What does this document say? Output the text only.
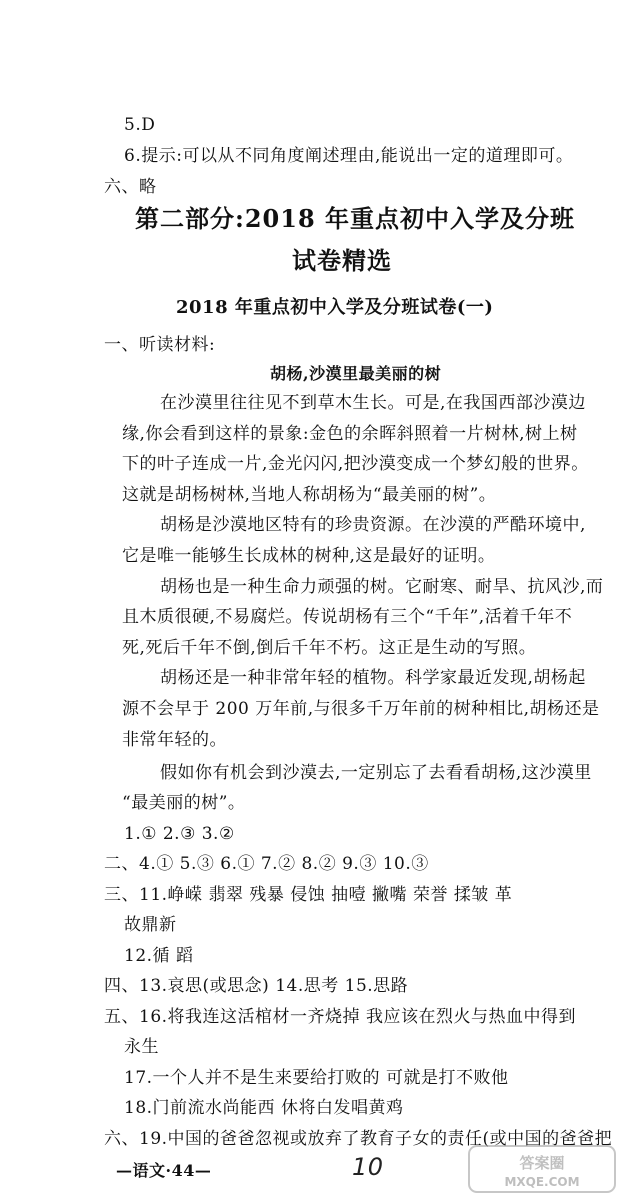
5.D
6.提示:可以从不同角度阐述理由,能说出一定的道理即可。
六、略
第二部分:2018 年重点初中入学及分班
试卷精选
2018 年重点初中入学及分班试卷(一)
一、听读材料:
胡杨,沙漠里最美丽的树
在沙漠里往往见不到草木生长。可是,在我国西部沙漠边
缘,你会看到这样的景象:金色的余晖斜照着一片树林,树上树
下的叶子连成一片,金光闪闪,把沙漠变成一个梦幻般的世界。
这就是胡杨树林,当地人称胡杨为“最美丽的树”。
胡杨是沙漠地区特有的珍贵资源。在沙漠的严酷环境中,
它是唯一能够生长成林的树种,这是最好的证明。
胡杨也是一种生命力顽强的树。它耐寒、耐旱、抗风沙,而
且木质很硬,不易腐烂。传说胡杨有三个“千年”,活着千年不
死,死后千年不倒,倒后千年不朽。这正是生动的写照。
胡杨还是一种非常年轻的植物。科学家最近发现,胡杨起
源不会早于 200 万年前,与很多千万年前的树种相比,胡杨还是
非常年轻的。
假如你有机会到沙漠去,一定别忘了去看看胡杨,这沙漠里
“最美丽的树”。
1.① 2.③ 3.②
二、4.① 5.③ 6.① 7.② 8.② 9.③ 10.③
三、11.峥嵘 翡翠 残暴 侵蚀 抽噎 撇嘴 荣誉 揉皱 革
故鼎新
12.循 蹈
四、13.哀思(或思念) 14.思考 15.思路
五、16.将我连这活棺材一齐烧掉 我应该在烈火与热血中得到
永生
17.一个人并不是生来要给打败的 可就是打不败他
18.门前流水尚能西 休将白发唱黄鸡
六、19.中国的爸爸忽视或放弃了教育子女的责任(或中国的爸爸把
—语文·44—	10	答案圈
MXQE.COM
